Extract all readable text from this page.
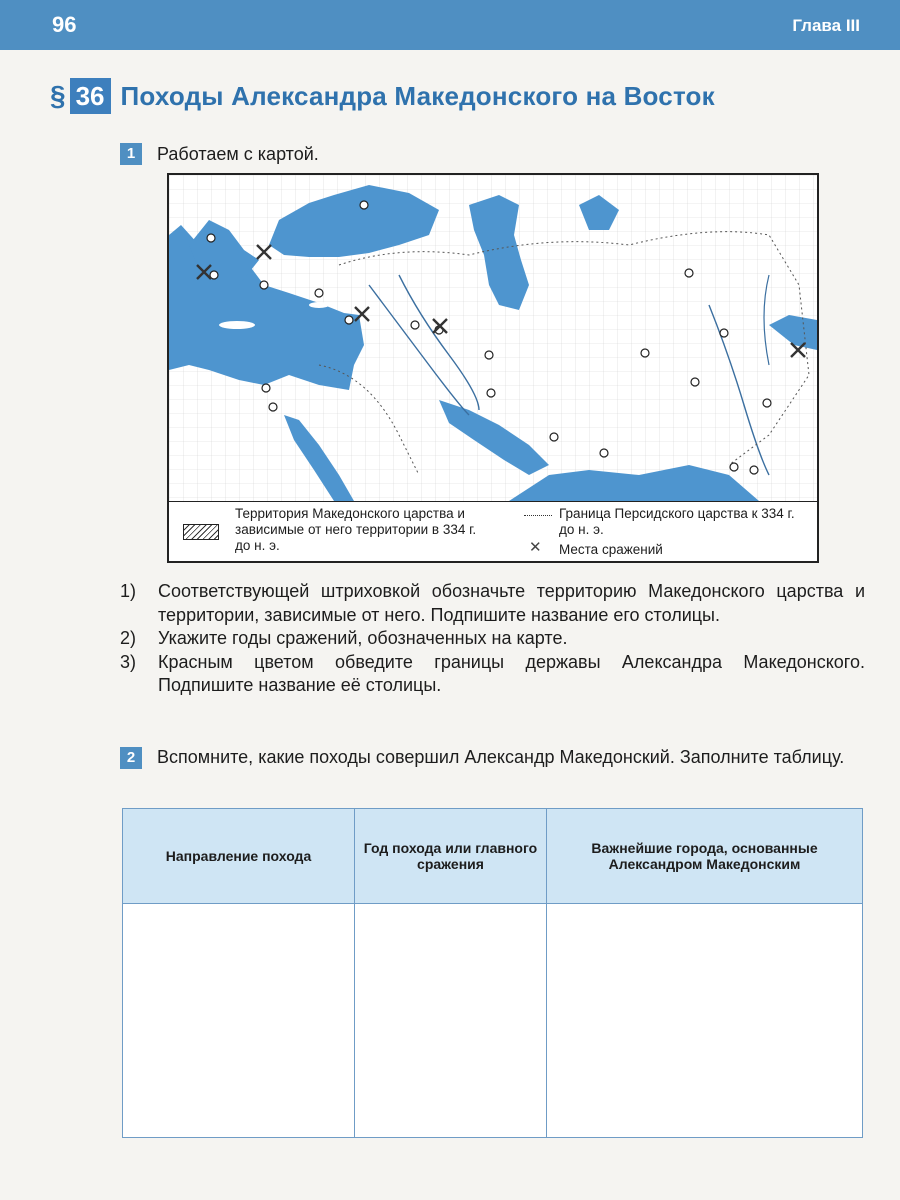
96	Глава III
§ 36 Походы Александра Македонского на Восток
1	Работаем с картой.
Территория Македонского царства и зависимые от него территории в 334 г. до н. э.
Граница Персидского царства к 334 г. до н. э.
✕ Места сражений
1)	Соответствующей штриховкой обозначьте территорию Македонского царства и территории, зависимые от него. Подпишите название его столицы.
2)	Укажите годы сражений, обозначенных на карте.
3)	Красным цветом обведите границы державы Александра Македонского. Подпишите название её столицы.
2	Вспомните, какие походы совершил Александр Македонский. Заполните таблицу.
Направление похода	Год похода или главного сражения	Важнейшие города, основанные Александром Македонским
